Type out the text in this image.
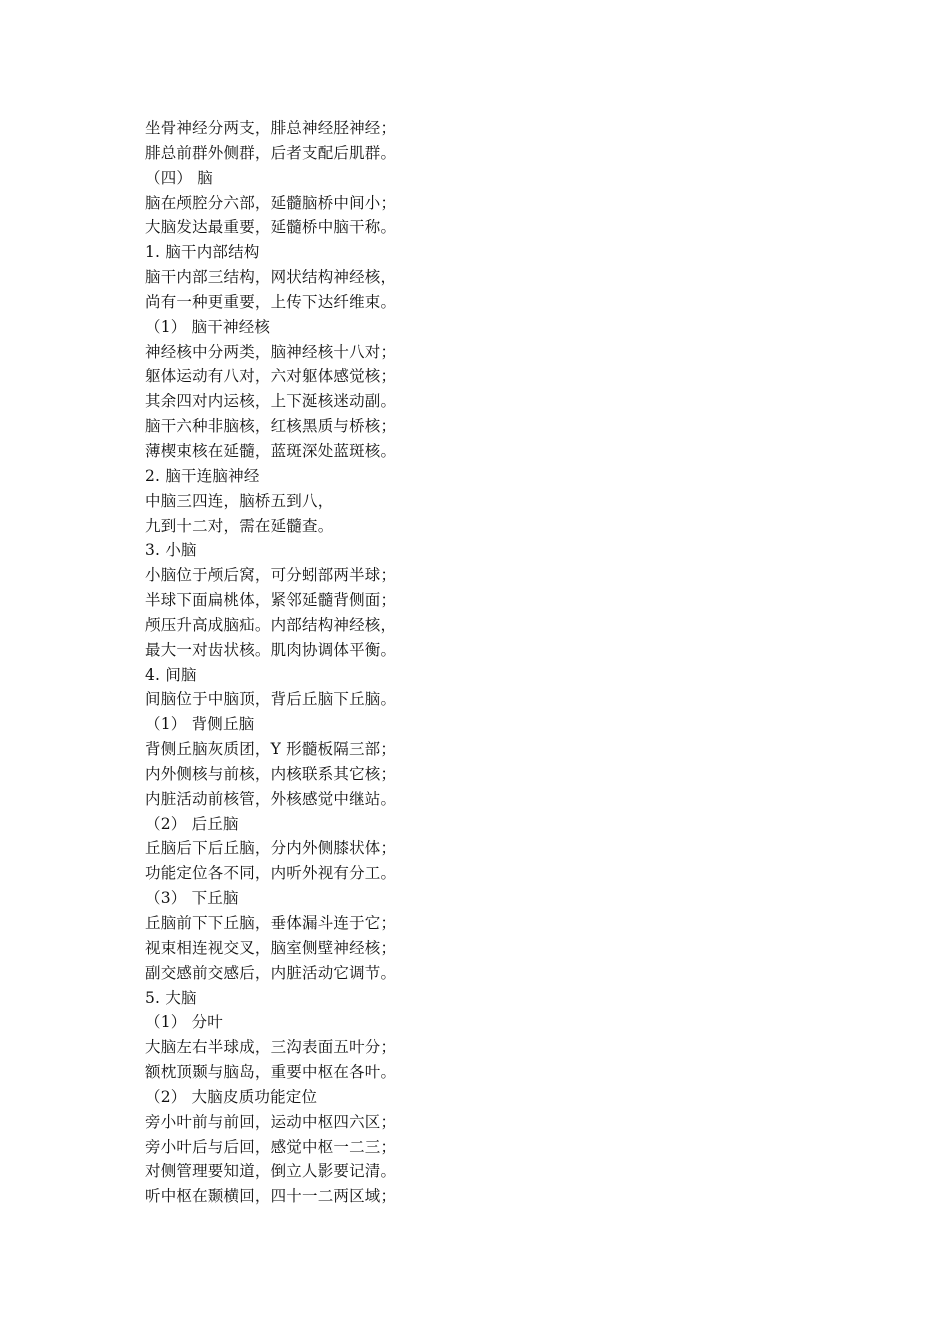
坐骨神经分两支，腓总神经胫神经；
腓总前群外侧群，后者支配后肌群。
（四） 脑
脑在颅腔分六部，延髓脑桥中间小；
大脑发达最重要，延髓桥中脑干称。
1. 脑干内部结构
脑干内部三结构，网状结构神经核，
尚有一种更重要，上传下达纤维束。
（1） 脑干神经核
神经核中分两类，脑神经核十八对；
躯体运动有八对，六对躯体感觉核；
其余四对内运核，上下涎核迷动副。
脑干六种非脑核，红核黑质与桥核；
薄楔束核在延髓，蓝斑深处蓝斑核。
2. 脑干连脑神经
中脑三四连，脑桥五到八，
九到十二对，需在延髓查。
3. 小脑
小脑位于颅后窝，可分蚓部两半球；
半球下面扁桃体，紧邻延髓背侧面；
颅压升高成脑疝。内部结构神经核，
最大一对齿状核。肌肉协调体平衡。
4. 间脑
间脑位于中脑顶，背后丘脑下丘脑。
（1） 背侧丘脑
背侧丘脑灰质团，Y 形髓板隔三部；
内外侧核与前核，内核联系其它核；
内脏活动前核管，外核感觉中继站。
（2） 后丘脑
丘脑后下后丘脑，分内外侧膝状体；
功能定位各不同，内听外视有分工。
（3） 下丘脑
丘脑前下下丘脑，垂体漏斗连于它；
视束相连视交叉，脑室侧壁神经核；
副交感前交感后，内脏活动它调节。
5. 大脑
（1） 分叶
大脑左右半球成，三沟表面五叶分；
额枕顶颞与脑岛，重要中枢在各叶。
（2） 大脑皮质功能定位
旁小叶前与前回，运动中枢四六区；
旁小叶后与后回，感觉中枢一二三；
对侧管理要知道，倒立人影要记清。
听中枢在颞横回，四十一二两区域；
